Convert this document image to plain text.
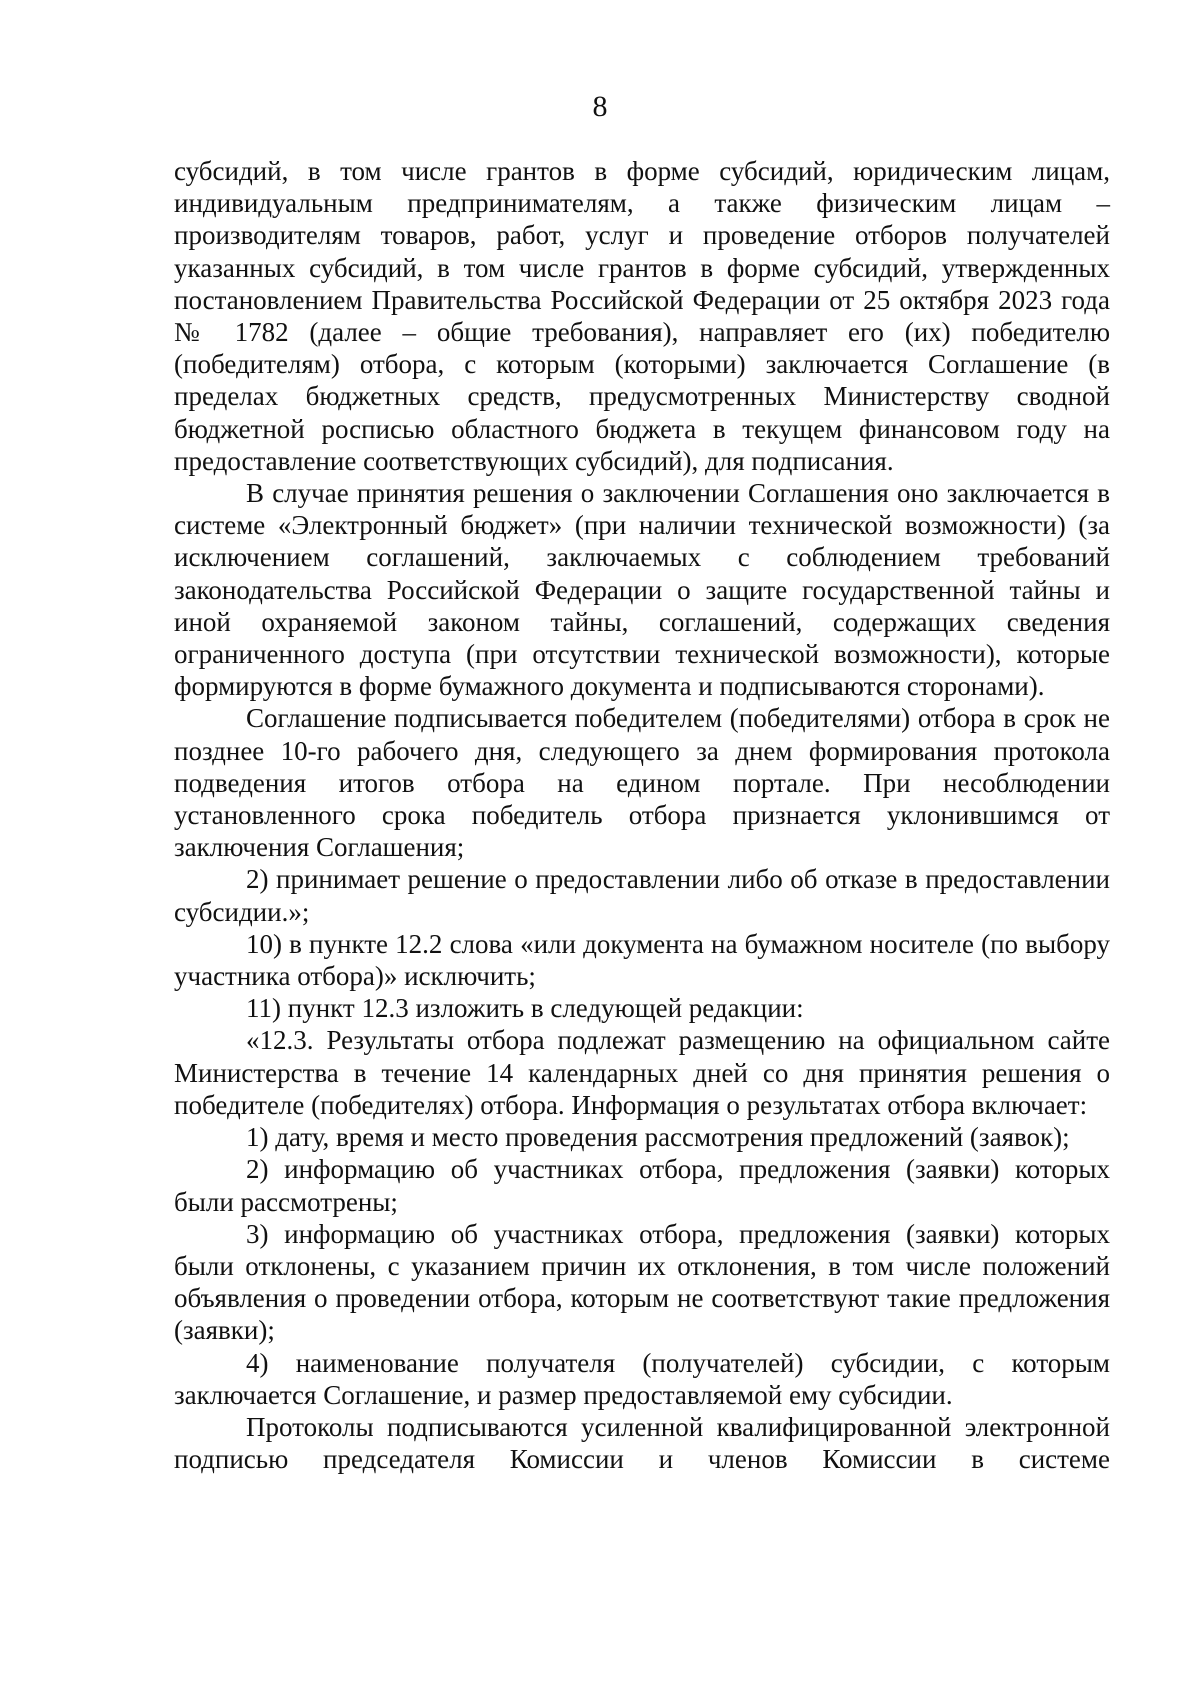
8

субсидий, в том числе грантов в форме субсидий, юридическим лицам, индивидуальным предпринимателям, а также физическим лицам – производителям товаров, работ, услуг и проведение отборов получателей указанных субсидий, в том числе грантов в форме субсидий, утвержденных постановлением Правительства Российской Федерации от 25 октября 2023 года № 1782 (далее – общие требования), направляет его (их) победителю (победителям) отбора, с которым (которыми) заключается Соглашение (в пределах бюджетных средств, предусмотренных Министерству сводной бюджетной росписью областного бюджета в текущем финансовом году на предоставление соответствующих субсидий), для подписания.

В случае принятия решения о заключении Соглашения оно заключается в системе «Электронный бюджет» (при наличии технической возможности) (за исключением соглашений, заключаемых с соблюдением требований законодательства Российской Федерации о защите государственной тайны и иной охраняемой законом тайны, соглашений, содержащих сведения ограниченного доступа (при отсутствии технической возможности), которые формируются в форме бумажного документа и подписываются сторонами).

Соглашение подписывается победителем (победителями) отбора в срок не позднее 10-го рабочего дня, следующего за днем формирования протокола подведения итогов отбора на едином портале. При несоблюдении установленного срока победитель отбора признается уклонившимся от заключения Соглашения;

2) принимает решение о предоставлении либо об отказе в предоставлении субсидии.»;

10) в пункте 12.2 слова «или документа на бумажном носителе (по выбору участника отбора)» исключить;

11) пункт 12.3 изложить в следующей редакции:

«12.3. Результаты отбора подлежат размещению на официальном сайте Министерства в течение 14 календарных дней со дня принятия решения о победителе (победителях) отбора. Информация о результатах отбора включает:

1) дату, время и место проведения рассмотрения предложений (заявок);

2) информацию об участниках отбора, предложения (заявки) которых были рассмотрены;

3) информацию об участниках отбора, предложения (заявки) которых были отклонены, с указанием причин их отклонения, в том числе положений объявления о проведении отбора, которым не соответствуют такие предложения (заявки);

4) наименование получателя (получателей) субсидии, с которым заключается Соглашение, и размер предоставляемой ему субсидии.

Протоколы подписываются усиленной квалифицированной электронной подписью председателя Комиссии и членов Комиссии в системе
